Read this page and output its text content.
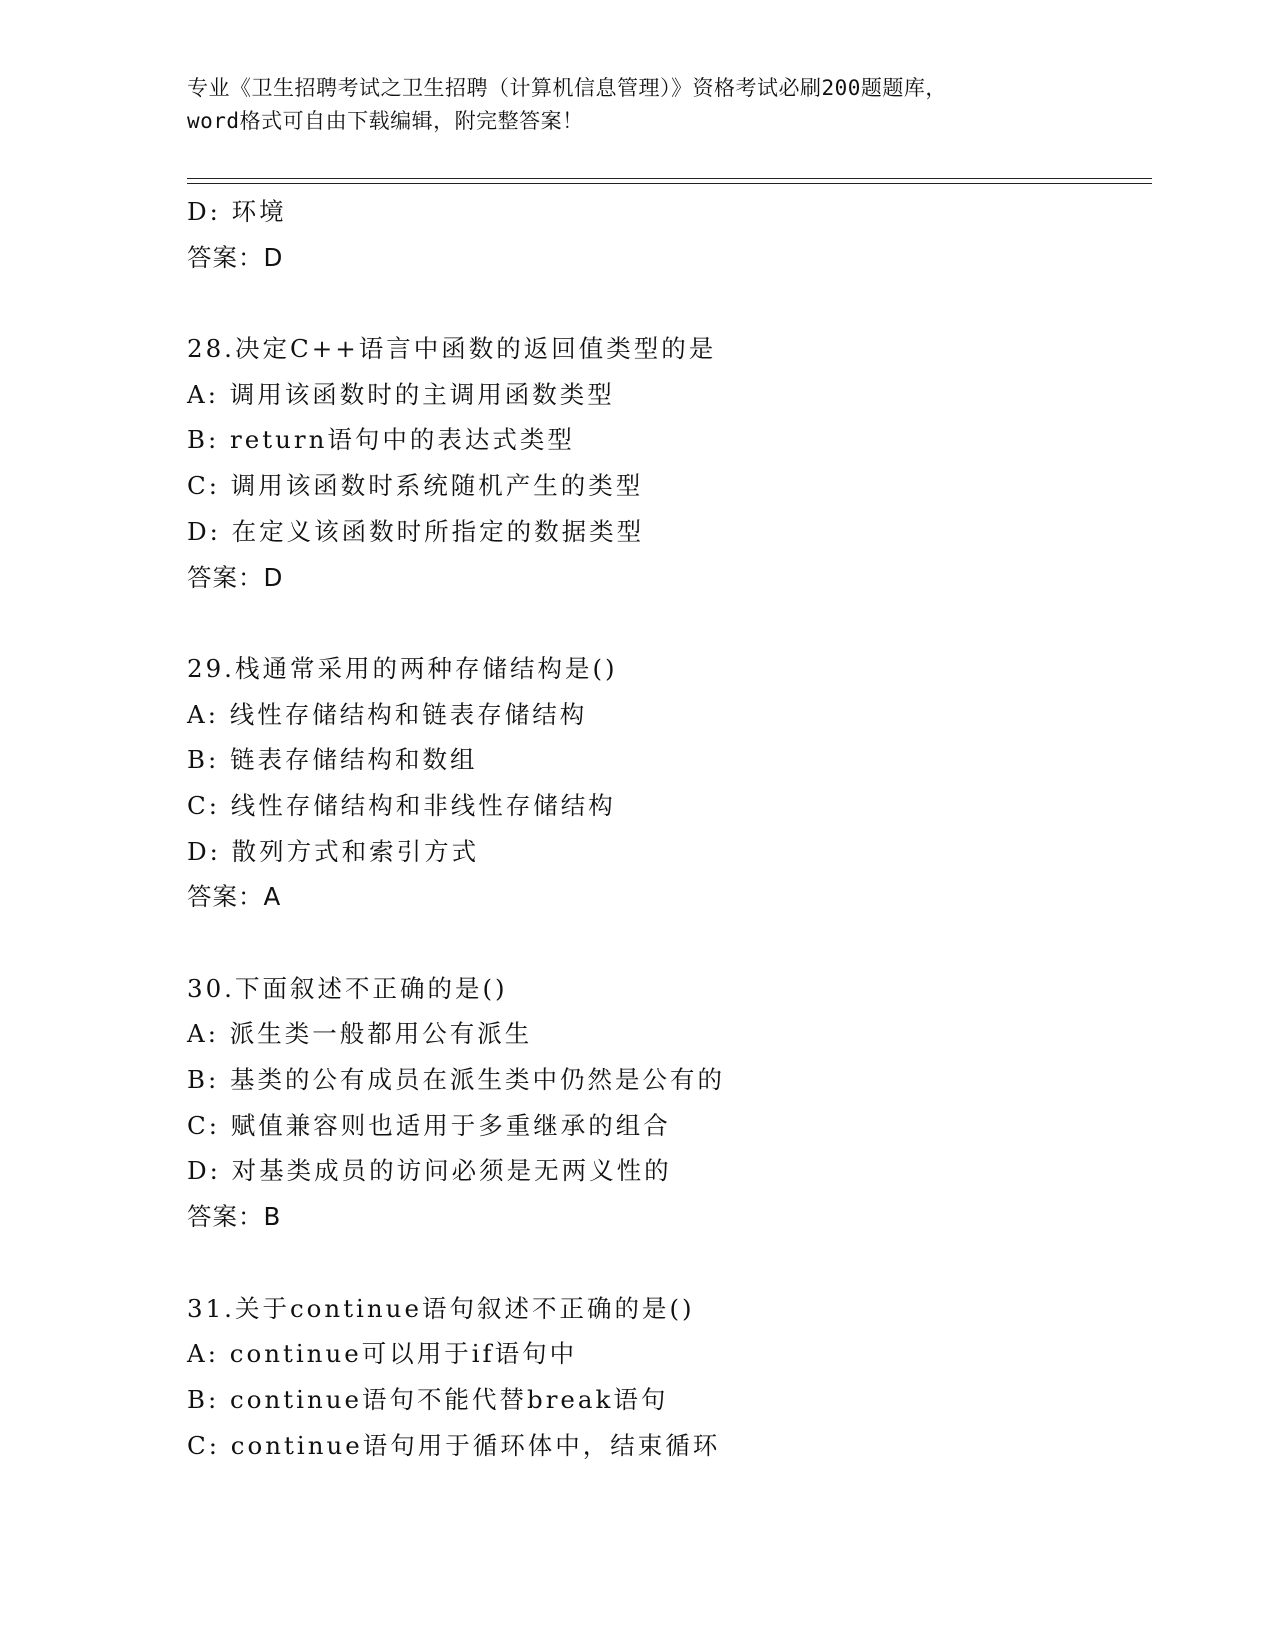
专业《卫生招聘考试之卫生招聘（计算机信息管理）》资格考试必刷200题题库，
word格式可自由下载编辑，附完整答案！
D: 环境
答案：D
28.决定C++语言中函数的返回值类型的是
A: 调用该函数时的主调用函数类型
B: return语句中的表达式类型
C: 调用该函数时系统随机产生的类型
D: 在定义该函数时所指定的数据类型
答案：D
29.栈通常采用的两种存储结构是()
A: 线性存储结构和链表存储结构
B: 链表存储结构和数组
C: 线性存储结构和非线性存储结构
D: 散列方式和索引方式
答案：A
30.下面叙述不正确的是()
A: 派生类一般都用公有派生
B: 基类的公有成员在派生类中仍然是公有的
C: 赋值兼容则也适用于多重继承的组合
D: 对基类成员的访问必须是无两义性的
答案：B
31.关于continue语句叙述不正确的是()
A: continue可以用于if语句中
B: continue语句不能代替break语句
C: continue语句用于循环体中，结束循环
